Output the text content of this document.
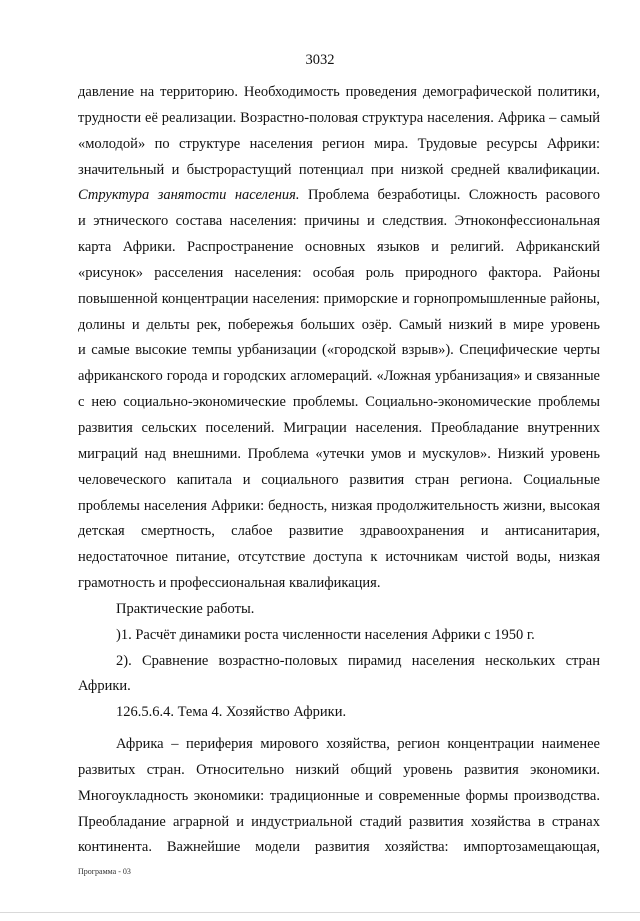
3032
давление на территорию. Необходимость проведения демографической политики,
трудности её реализации. Возрастно-половая структура населения. Африка – самый
«молодой» по структуре населения регион мира. Трудовые ресурсы Африки:
значительный и быстрорастущий потенциал при низкой средней квалификации.
Структура занятости населения. Проблема безработицы. Сложность расового
и этнического состава населения: причины и следствия. Этноконфессиональная
карта Африки. Распространение основных языков и религий. Африканский
«рисунок» расселения населения: особая роль природного фактора. Районы
повышенной концентрации населения: приморские и горнопромышленные районы,
долины и дельты рек, побережья больших озёр. Самый низкий в мире уровень
и самые высокие темпы урбанизации («городской взрыв»). Специфические черты
африканского города и городских агломераций. «Ложная урбанизация» и связанные
с нею социально-экономические проблемы. Социально-экономические проблемы
развития сельских поселений. Миграции населения. Преобладание внутренних
миграций над внешними. Проблема «утечки умов и мускулов». Низкий уровень
человеческого капитала и социального развития стран региона. Социальные
проблемы населения Африки: бедность, низкая продолжительность жизни, высокая
детская смертность, слабое развитие здравоохранения и антисанитария,
недостаточное питание, отсутствие доступа к источникам чистой воды, низкая
грамотность и профессиональная квалификация.
Практические работы.
)1. Расчёт динамики роста численности населения Африки с 1950 г.
2). Сравнение возрастно-половых пирамид населения нескольких стран
Африки.
126.5.6.4. Тема 4. Хозяйство Африки.
Африка – периферия мирового хозяйства, регион концентрации наименее
развитых стран. Относительно низкий общий уровень развития экономики.
Многоукладность экономики: традиционные и современные формы производства.
Преобладание аграрной и индустриальной стадий развития хозяйства в странах
континента. Важнейшие модели развития хозяйства: импортозамещающая,
Программа - 03
